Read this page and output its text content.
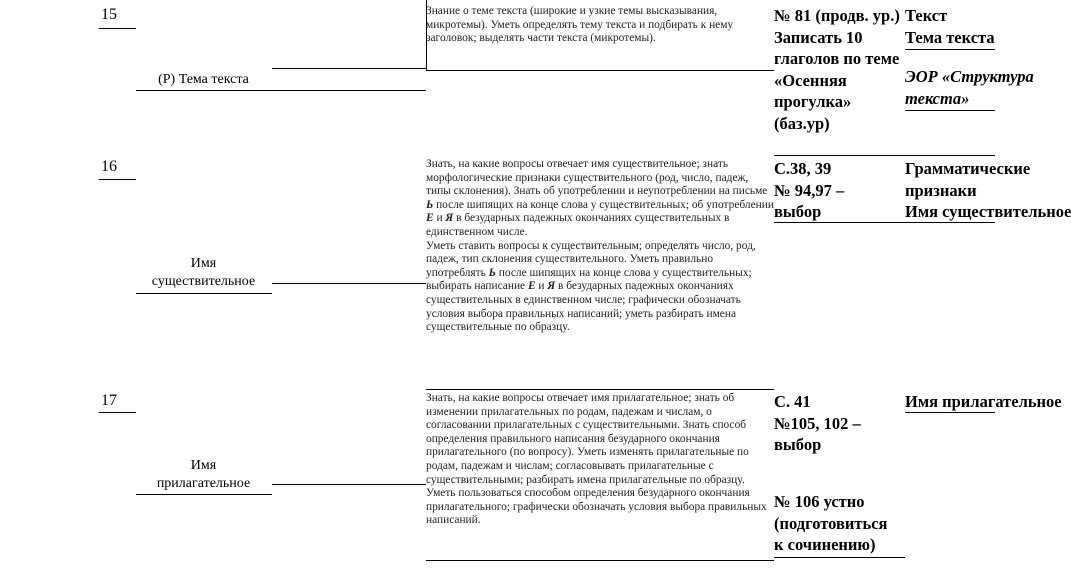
15
(Р) Тема текста
Знание о теме текста (широкие и узкие темы высказывания, микротемы). Уметь определять тему текста и подбирать к нему заголовок; выделять части текста (микротемы).
№ 81 (продв. ур.)
Записать 10 глаголов по теме «Осенняя прогулка» (баз.ур)
Текст
Тема текста
ЭОР «Структура
текста»
16
Имя
существительное
Знать, на какие вопросы отвечает имя существительное; знать морфологические признаки существительного (род, число, падеж, типы склонения). Знать об употреблении и неупотреблении на письме Ь после шипящих на конце слова у существительных; об употреблении Е и Я в безударных падежных окончаниях существительных в единственном числе.
Уметь ставить вопросы к существительным; определять число, род, падеж, тип склонения существительного. Уметь правильно употреблять Ь после шипящих на конце слова у существительных; выбирать написание Е и Я в безударных падежных окончаниях существительных в единственном числе; графически обозначать условия выбора правильных написаний; уметь разбирать имена существительные по образцу.
С.38, 39
№ 94,97 –
выбор
Грамматические
признаки
Имя существительное
17
Имя
прилагательное
Знать, на какие вопросы отвечает имя прилагательное; знать об изменении прилагательных по родам, падежам и числам, о согласовании прилагательных с существительными. Знать способ определения правильного написания безударного окончания прилагательного (по вопросу). Уметь изменять прилагательные по родам, падежам и числам; согласовывать прилагательные с существительными; разбирать имена прилагательные по образцу. Уметь пользоваться способом определения безударного окончания прилагательного; графически обозначать условия выбора правильных написаний.
С. 41
№105, 102 –
выбор
№ 106 устно
(подготовиться
к сочинению)
Имя прилагательное
